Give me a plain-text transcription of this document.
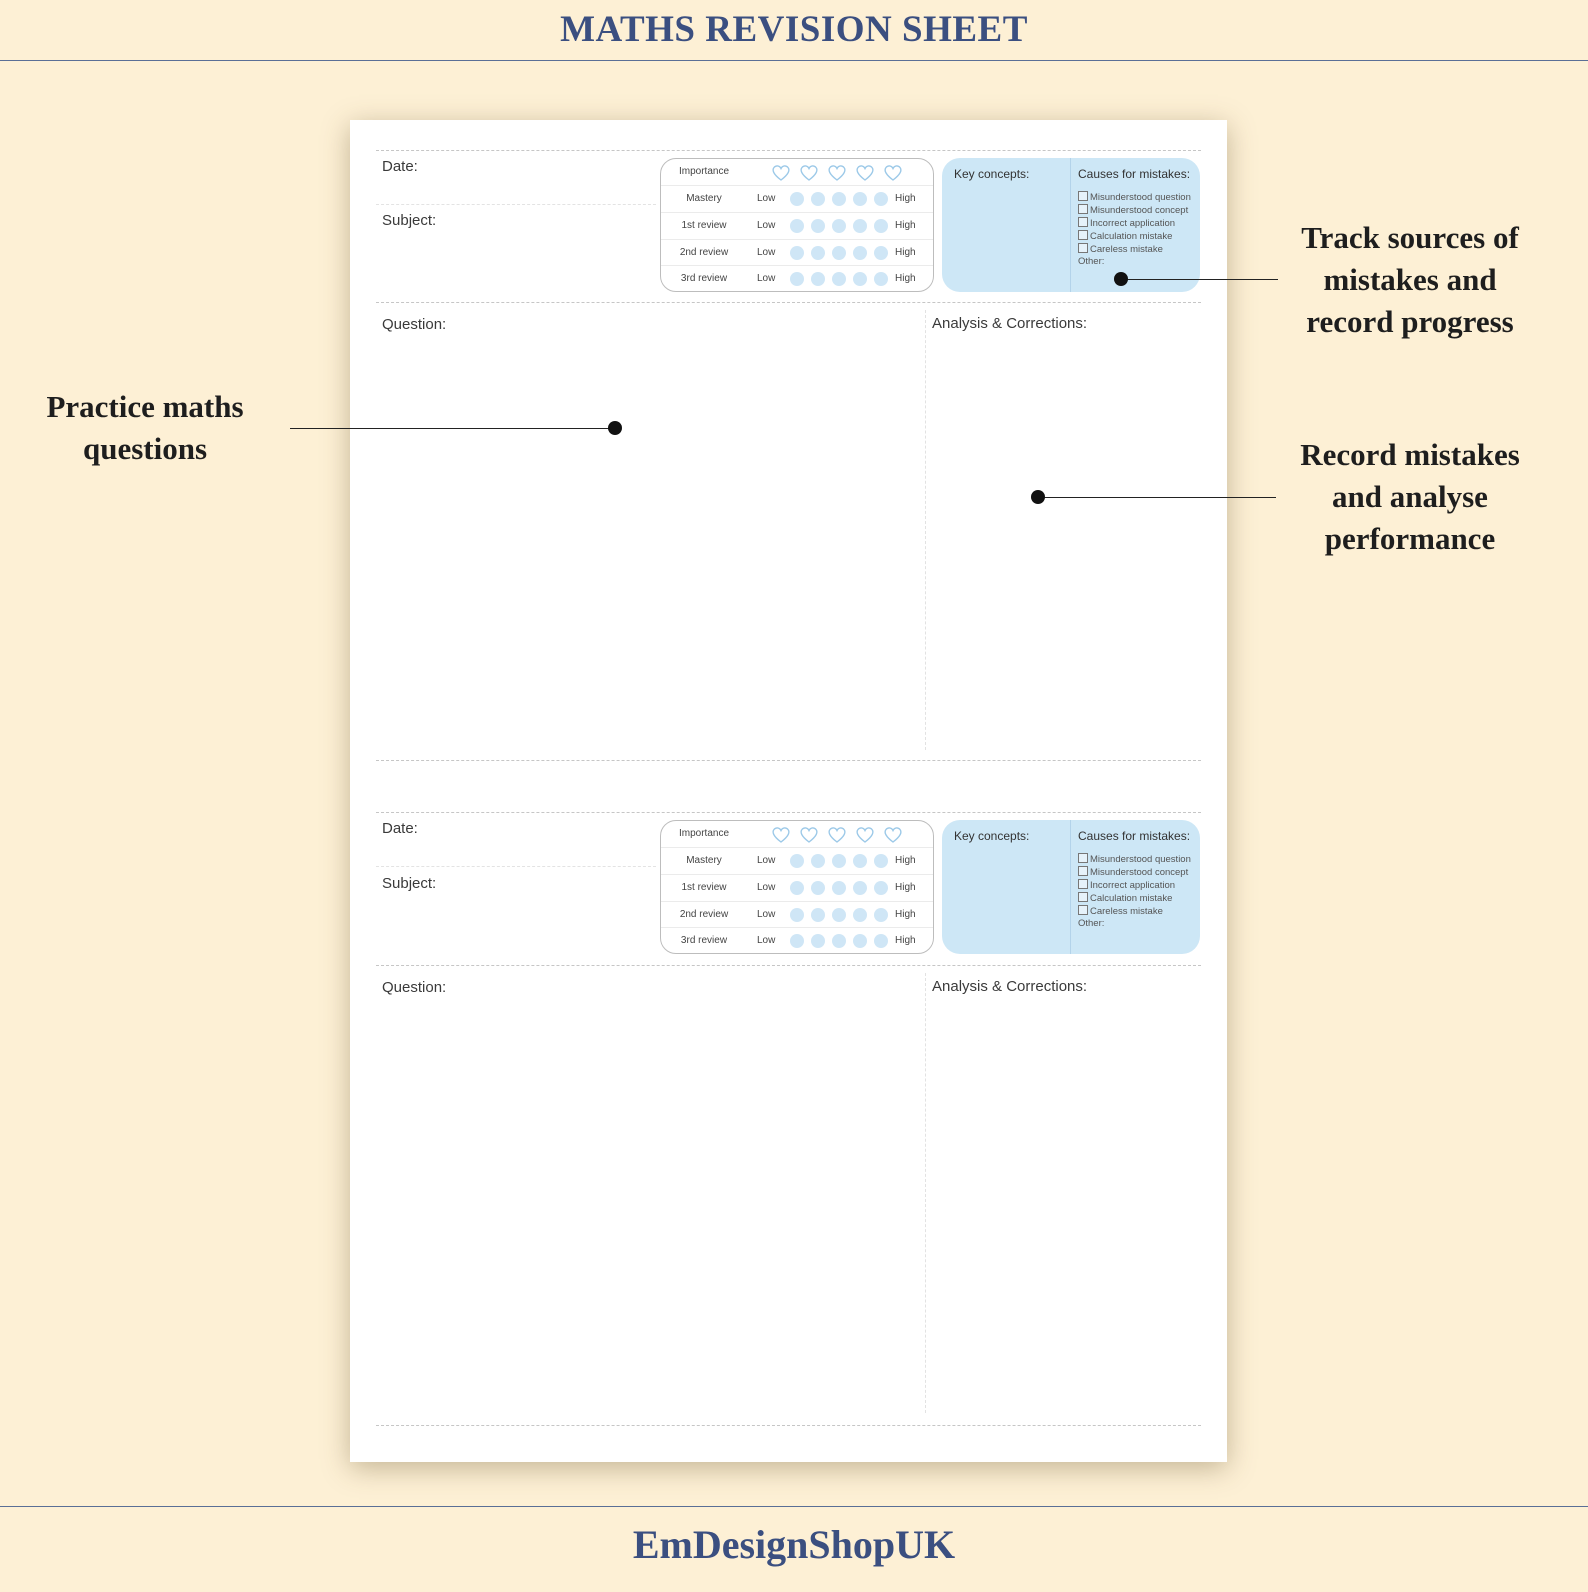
MATHS REVISION SHEET
Date:
Subject:
Importance
Mastery	Low	High
1st review	Low	High
2nd review	Low	High
3rd review	Low	High
Key concepts:	Causes for mistakes:
Misunderstood question
Misunderstood concept
Incorrect application
Calculation mistake
Careless mistake
Other:
Question:	Analysis & Corrections:
Date:
Subject:
Importance
Mastery	Low	High
1st review	Low	High
2nd review	Low	High
3rd review	Low	High
Key concepts:	Causes for mistakes:
Misunderstood question
Misunderstood concept
Incorrect application
Calculation mistake
Careless mistake
Other:
Question:	Analysis & Corrections:
Practice maths
questions
Track sources of
mistakes and
record progress
Record mistakes
and analyse
performance
EmDesignShopUK
